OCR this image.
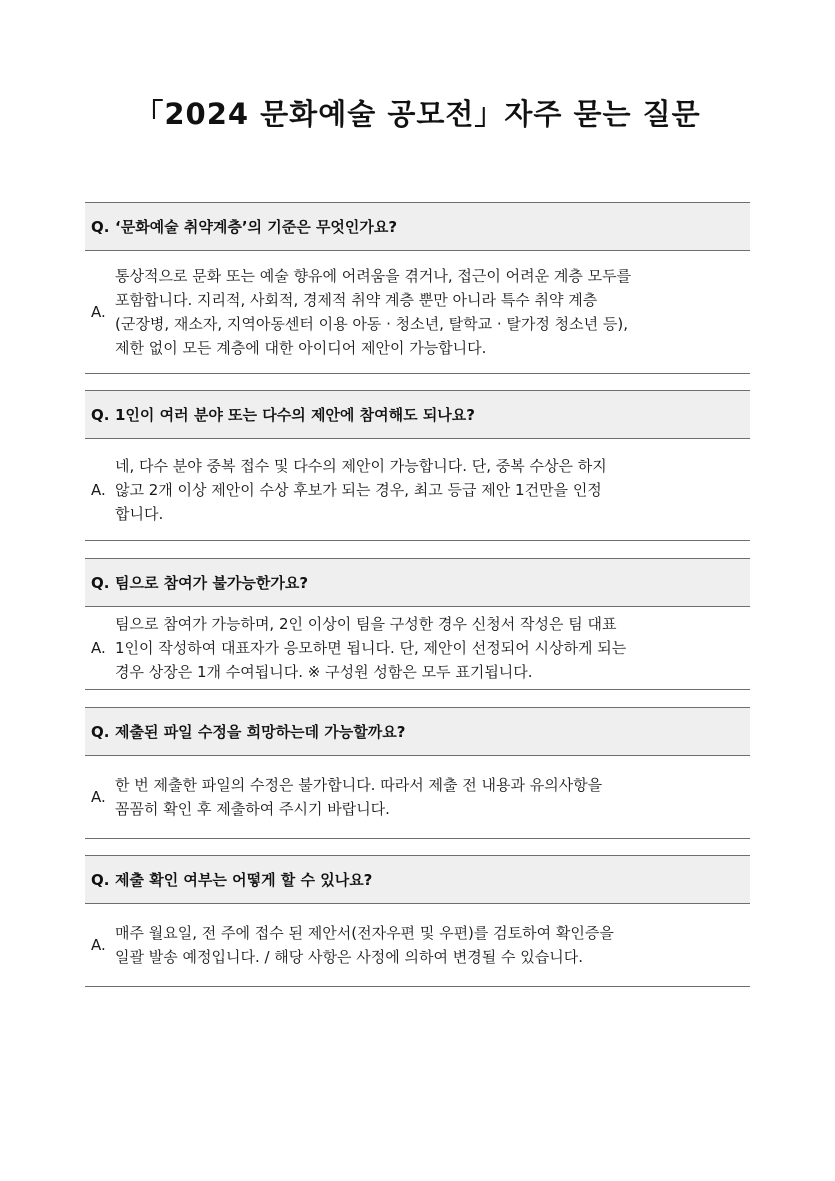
「2024 문화예술 공모전」자주 묻는 질문
Q. ‘문화예술 취약계층’의 기준은 무엇인가요?
A.
통상적으로 문화 또는 예술 향유에 어려움을 겪거나, 접근이 어려운 계층 모두를
포함합니다. 지리적, 사회적, 경제적 취약 계층 뿐만 아니라 특수 취약 계층
(군장병, 재소자, 지역아동센터 이용 아동 · 청소년, 탈학교 · 탈가정 청소년 등),
제한 없이 모든 계층에 대한 아이디어 제안이 가능합니다.
Q. 1인이 여러 분야 또는 다수의 제안에 참여해도 되나요?
A.
네, 다수 분야 중복 접수 및 다수의 제안이 가능합니다. 단, 중복 수상은 하지
않고 2개 이상 제안이 수상 후보가 되는 경우, 최고 등급 제안 1건만을 인정
합니다.
Q. 팀으로 참여가 불가능한가요?
A.
팀으로 참여가 가능하며, 2인 이상이 팀을 구성한 경우 신청서 작성은 팀 대표
1인이 작성하여 대표자가 응모하면 됩니다. 단, 제안이 선정되어 시상하게 되는
경우 상장은 1개 수여됩니다. ※ 구성원 성함은 모두 표기됩니다.
Q. 제출된 파일 수정을 희망하는데 가능할까요?
A.
한 번 제출한 파일의 수정은 불가합니다. 따라서 제출 전 내용과 유의사항을
꼼꼼히 확인 후 제출하여 주시기 바랍니다.
Q. 제출 확인 여부는 어떻게 할 수 있나요?
A.
매주 월요일, 전 주에 접수 된 제안서(전자우편 및 우편)를 검토하여 확인증을
일괄 발송 예정입니다. / 해당 사항은 사정에 의하여 변경될 수 있습니다.
